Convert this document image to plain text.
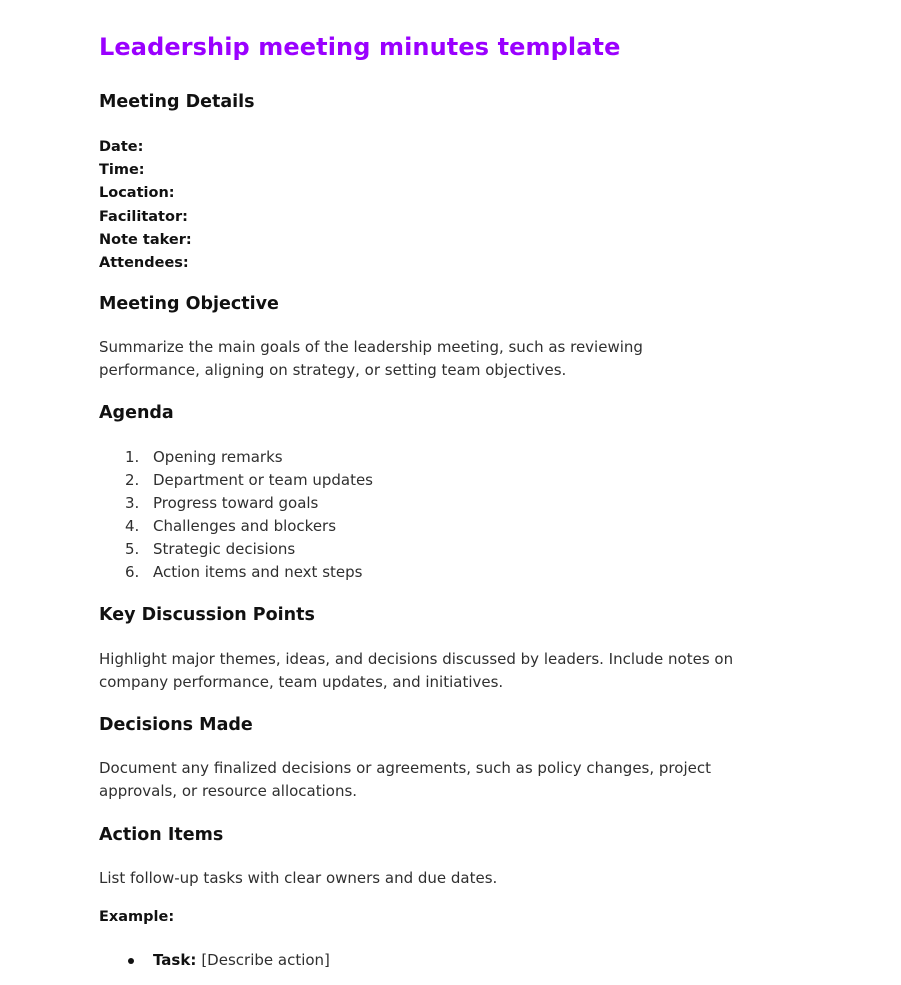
Leadership meeting minutes template
Meeting Details
Date:
Time:
Location:
Facilitator:
Note taker:
Attendees:
Meeting Objective

Summarize the main goals of the leadership meeting, such as reviewing
performance, aligning on strategy, or setting team objectives.

Agenda
1. Opening remarks
2. Department or team updates
3. Progress toward goals
4. Challenges and blockers
5. Strategic decisions
6. Action items and next steps
Key Discussion Points

Highlight major themes, ideas, and decisions discussed by leaders. Include notes on
company performance, team updates, and initiatives.

Decisions Made

Document any finalized decisions or agreements, such as policy changes, project
approvals, or resource allocations.

Action Items

List follow-up tasks with clear owners and due dates.

Example:
Task: [Describe action]
